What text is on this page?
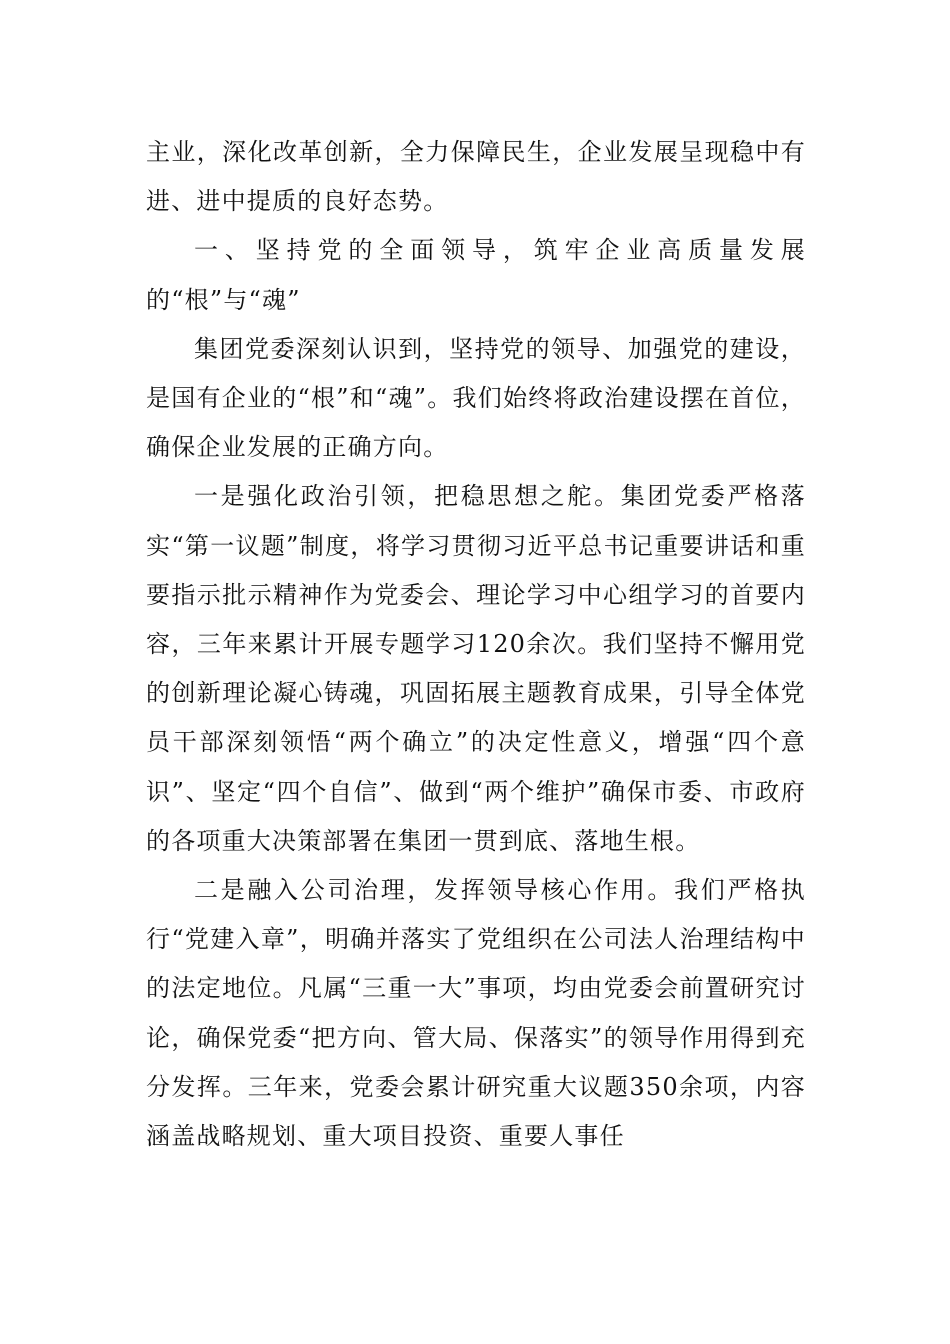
主业，深化改革创新，全力保障民生，企业发展呈现稳中有进、进中提质的良好态势。

一、坚持党的全面领导，筑牢企业高质量发展的“根”与“魂”

集团党委深刻认识到，坚持党的领导、加强党的建设，是国有企业的“根”和“魂”。我们始终将政治建设摆在首位，确保企业发展的正确方向。

一是强化政治引领，把稳思想之舵。集团党委严格落实“第一议题”制度，将学习贯彻习近平总书记重要讲话和重要指示批示精神作为党委会、理论学习中心组学习的首要内容，三年来累计开展专题学习120余次。我们坚持不懈用党的创新理论凝心铸魂，巩固拓展主题教育成果，引导全体党员干部深刻领悟“两个确立”的决定性意义，增强“四个意识”、坚定“四个自信”、做到“两个维护”确保市委、市政府的各项重大决策部署在集团一贯到底、落地生根。

二是融入公司治理，发挥领导核心作用。我们严格执行“党建入章”，明确并落实了党组织在公司法人治理结构中的法定地位。凡属“三重一大”事项，均由党委会前置研究讨论，确保党委“把方向、管大局、保落实”的领导作用得到充分发挥。三年来，党委会累计研究重大议题350余项，内容涵盖战略规划、重大项目投资、重要人事任
